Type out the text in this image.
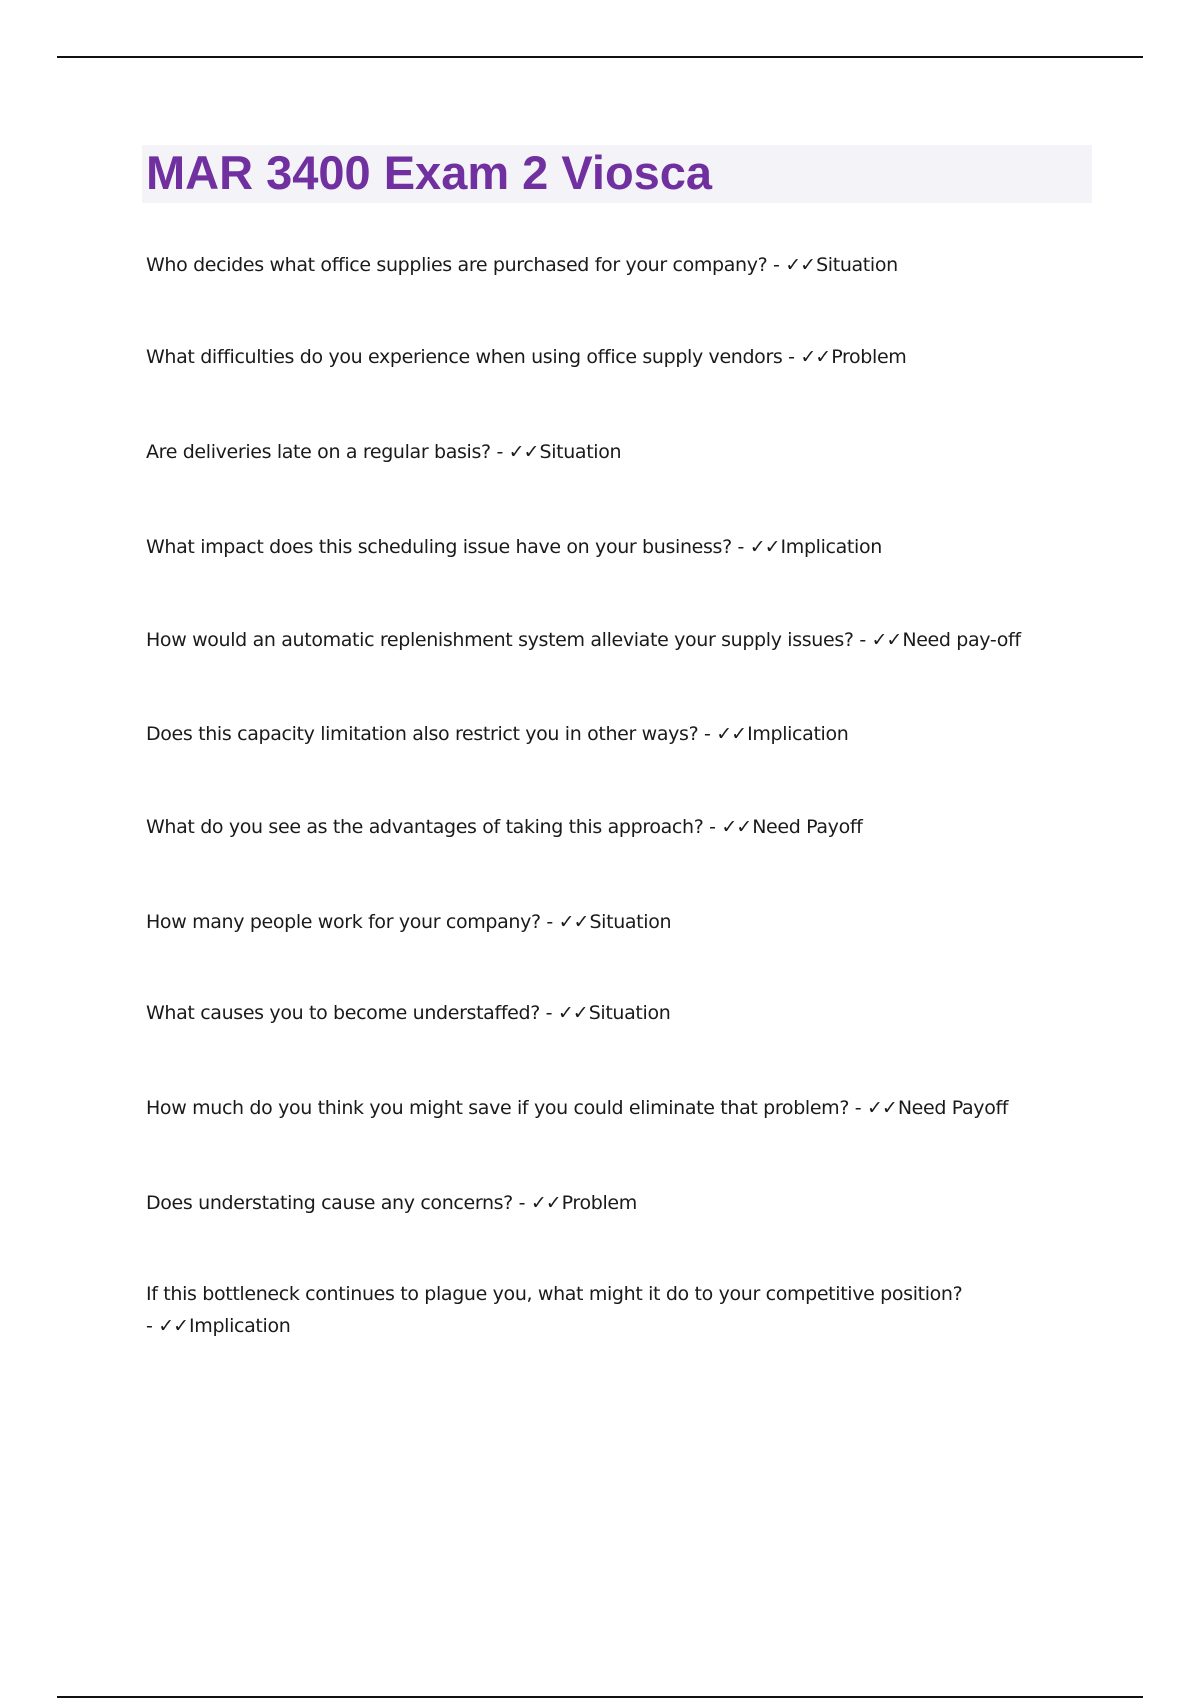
MAR 3400 Exam 2 Viosca

Who decides what office supplies are purchased for your company? - ✓✓Situation

What difficulties do you experience when using office supply vendors - ✓✓Problem

Are deliveries late on a regular basis? - ✓✓Situation

What impact does this scheduling issue have on your business? - ✓✓Implication

How would an automatic replenishment system alleviate your supply issues? - ✓✓Need pay-off

Does this capacity limitation also restrict you in other ways? - ✓✓Implication

What do you see as the advantages of taking this approach? - ✓✓Need Payoff

How many people work for your company? - ✓✓Situation

What causes you to become understaffed? - ✓✓Situation

How much do you think you might save if you could eliminate that problem? - ✓✓Need Payoff

Does understating cause any concerns? - ✓✓Problem

If this bottleneck continues to plague you, what might it do to your competitive position? - ✓✓Implication
